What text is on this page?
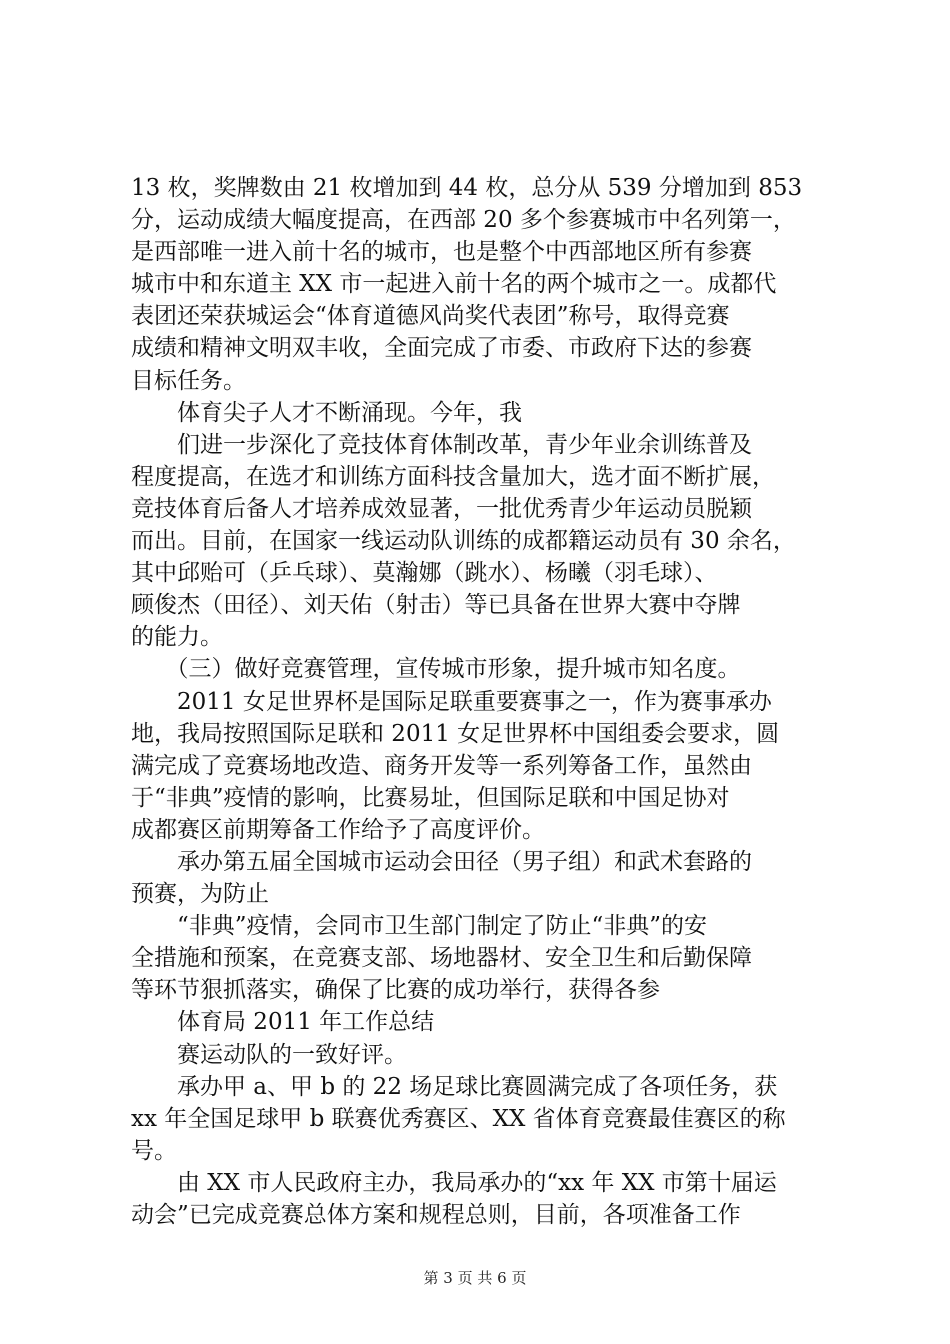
13 枚，奖牌数由 21 枚增加到 44 枚，总分从 539 分增加到 853
分，运动成绩大幅度提高，在西部 20 多个参赛城市中名列第一，
是西部唯一进入前十名的城市，也是整个中西部地区所有参赛
城市中和东道主 XX 市一起进入前十名的两个城市之一。成都代
表团还荣获城运会“体育道德风尚奖代表团”称号，取得竞赛
成绩和精神文明双丰收，全面完成了市委、市政府下达的参赛
目标任务。
　　体育尖子人才不断涌现。今年，我
　　们进一步深化了竞技体育体制改革，青少年业余训练普及
程度提高，在选才和训练方面科技含量加大，选才面不断扩展，
竞技体育后备人才培养成效显著，一批优秀青少年运动员脱颖
而出。目前，在国家一线运动队训练的成都籍运动员有 30 余名，
其中邱贻可（乒乓球）、莫瀚娜（跳水）、杨曦（羽毛球）、
顾俊杰（田径）、刘天佑（射击）等已具备在世界大赛中夺牌
的能力。
　　（三）做好竞赛管理，宣传城市形象，提升城市知名度。
　　2011 女足世界杯是国际足联重要赛事之一，作为赛事承办
地，我局按照国际足联和 2011 女足世界杯中国组委会要求，圆
满完成了竞赛场地改造、商务开发等一系列筹备工作，虽然由
于“非典”疫情的影响，比赛易址，但国际足联和中国足协对
成都赛区前期筹备工作给予了高度评价。
　　承办第五届全国城市运动会田径（男子组）和武术套路的
预赛，为防止
　　“非典”疫情，会同市卫生部门制定了防止“非典”的安
全措施和预案，在竞赛支部、场地器材、安全卫生和后勤保障
等环节狠抓落实，确保了比赛的成功举行，获得各参
　　体育局 2011 年工作总结
　　赛运动队的一致好评。
　　承办甲 a、甲 b 的 22 场足球比赛圆满完成了各项任务，获
xx 年全国足球甲 b 联赛优秀赛区、XX 省体育竞赛最佳赛区的称
号。
　　由 XX 市人民政府主办，我局承办的“xx 年 XX 市第十届运
动会”已完成竞赛总体方案和规程总则，目前，各项准备工作
第 3 页 共 6 页
